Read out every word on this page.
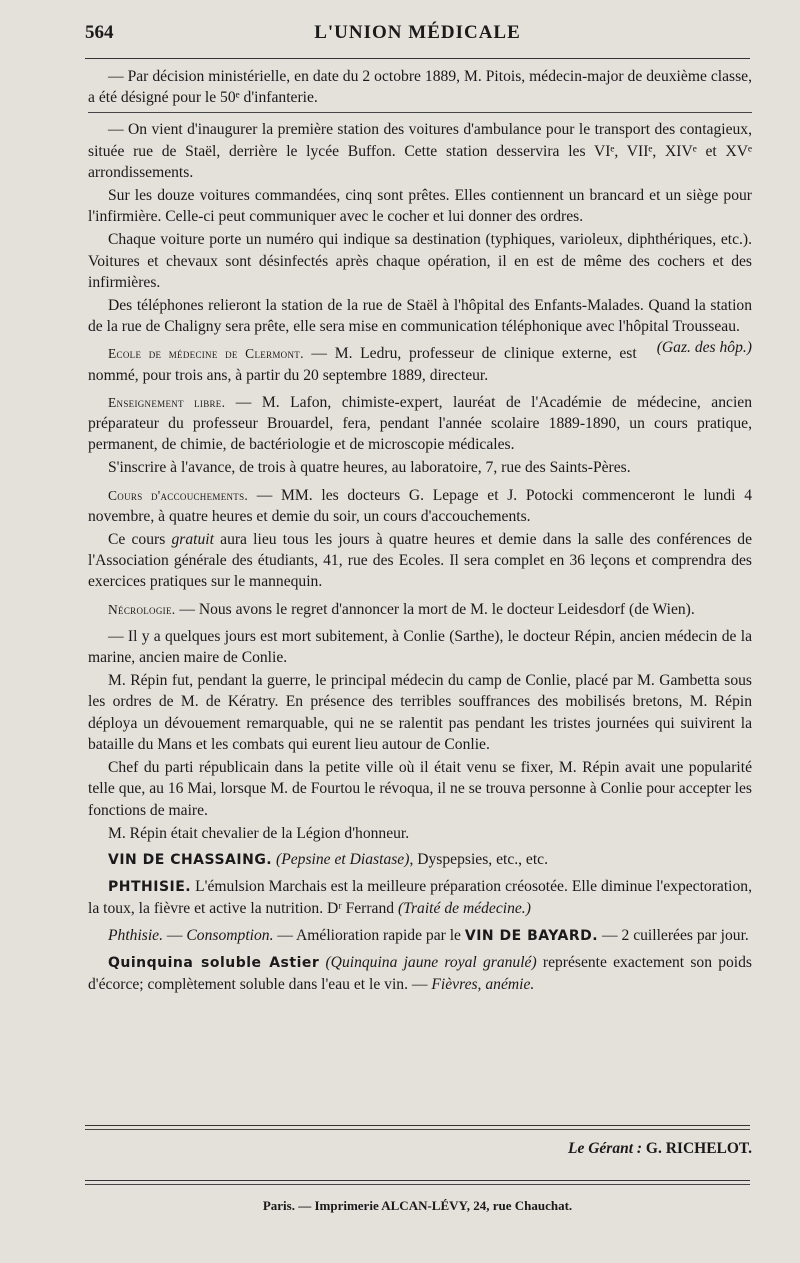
564	L'UNION MÉDICALE

— Par décision ministérielle, en date du 2 octobre 1889, M. Pitois, médecin-major de deuxième classe, a été désigné pour le 50ᵉ d'infanterie.

— On vient d'inaugurer la première station des voitures d'ambulance pour le transport des contagieux, située rue de Staël, derrière le lycée Buffon. Cette station desservira les VIᵉ, VIIᵉ, XIVᵉ et XVᵉ arrondissements.

Sur les douze voitures commandées, cinq sont prêtes. Elles contiennent un brancard et un siège pour l'infirmière. Celle-ci peut communiquer avec le cocher et lui donner des ordres.

Chaque voiture porte un numéro qui indique sa destination (typhiques, varioleux, diphthériques, etc.). Voitures et chevaux sont désinfectés après chaque opération, il en est de même des cochers et des infirmières.

Des téléphones relieront la station de la rue de Staël à l'hôpital des Enfants-Malades. Quand la station de la rue de Chaligny sera prête, elle sera mise en communication téléphonique avec l'hôpital Trousseau.
(Gaz. des hôp.)

Ecole de médecine de Clermont. — M. Ledru, professeur de clinique externe, est nommé, pour trois ans, à partir du 20 septembre 1889, directeur.

Enseignement libre. — M. Lafon, chimiste-expert, lauréat de l'Académie de médecine, ancien préparateur du professeur Brouardel, fera, pendant l'année scolaire 1889-1890, un cours pratique, permanent, de chimie, de bactériologie et de microscopie médicales.

S'inscrire à l'avance, de trois à quatre heures, au laboratoire, 7, rue des Saints-Pères.

Cours d'accouchements. — MM. les docteurs G. Lepage et J. Potocki commenceront le lundi 4 novembre, à quatre heures et demie du soir, un cours d'accouchements.

Ce cours gratuit aura lieu tous les jours à quatre heures et demie dans la salle des conférences de l'Association générale des étudiants, 41, rue des Ecoles. Il sera complet en 36 leçons et comprendra des exercices pratiques sur le mannequin.

Nécrologie. — Nous avons le regret d'annoncer la mort de M. le docteur Leidesdorf (de Wien).

— Il y a quelques jours est mort subitement, à Conlie (Sarthe), le docteur Répin, ancien médecin de la marine, ancien maire de Conlie.

M. Répin fut, pendant la guerre, le principal médecin du camp de Conlie, placé par M. Gambetta sous les ordres de M. de Kératry. En présence des terribles souffrances des mobilisés bretons, M. Répin déploya un dévouement remarquable, qui ne se ralentit pas pendant les tristes journées qui suivirent la bataille du Mans et les combats qui eurent lieu autour de Conlie.

Chef du parti républicain dans la petite ville où il était venu se fixer, M. Répin avait une popularité telle que, au 16 Mai, lorsque M. de Fourtou le révoqua, il ne se trouva personne à Conlie pour accepter les fonctions de maire.

M. Répin était chevalier de la Légion d'honneur.

VIN DE CHASSAING. (Pepsine et Diastase), Dyspepsies, etc., etc.

PHTHISIE. L'émulsion Marchais est la meilleure préparation créosotée. Elle diminue l'expectoration, la toux, la fièvre et active la nutrition. Dʳ Ferrand (Traité de médecine.)

Phthisie. — Consomption. — Amélioration rapide par le VIN DE BAYARD. — 2 cuillerées par jour.

Quinquina soluble Astier (Quinquina jaune royal granulé) représente exactement son poids d'écorce; complètement soluble dans l'eau et le vin. — Fièvres, anémie.

Le Gérant : G. RICHELOT.
Paris. — Imprimerie ALCAN-LÉVY, 24, rue Chauchat.
